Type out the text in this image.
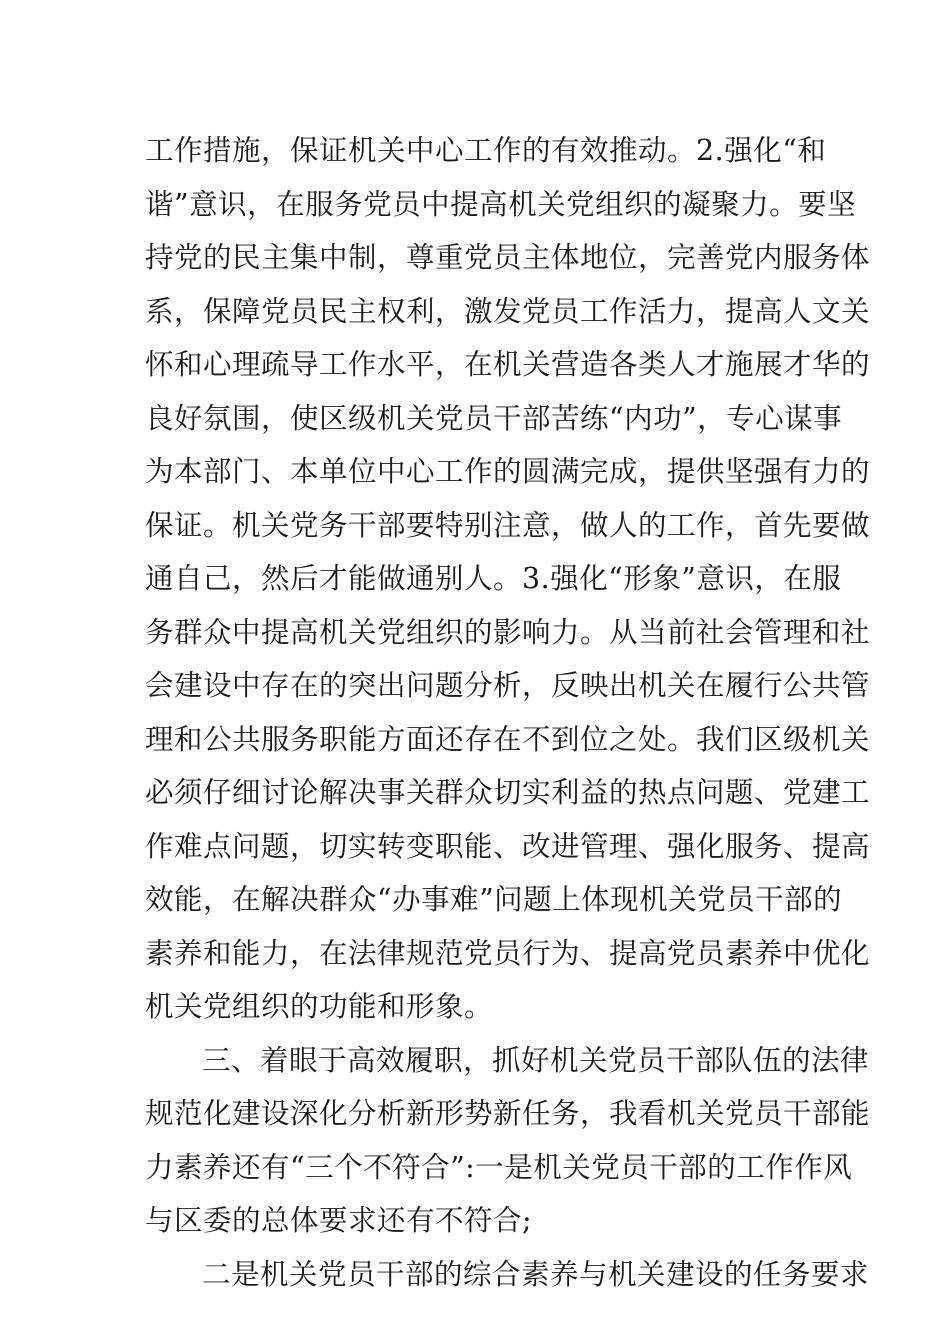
工作措施，保证机关中心工作的有效推动。2.强化“和
谐”意识，在服务党员中提高机关党组织的凝聚力。要坚
持党的民主集中制，尊重党员主体地位，完善党内服务体
系，保障党员民主权利，激发党员工作活力，提高人文关
怀和心理疏导工作水平，在机关营造各类人才施展才华的
良好氛围，使区级机关党员干部苦练“内功”，专心谋事
为本部门、本单位中心工作的圆满完成，提供坚强有力的
保证。机关党务干部要特别注意，做人的工作，首先要做
通自己，然后才能做通别人。3.强化“形象”意识，在服
务群众中提高机关党组织的影响力。从当前社会管理和社
会建设中存在的突出问题分析，反映出机关在履行公共管
理和公共服务职能方面还存在不到位之处。我们区级机关
必须仔细讨论解决事关群众切实利益的热点问题、党建工
作难点问题，切实转变职能、改进管理、强化服务、提高
效能，在解决群众“办事难”问题上体现机关党员干部的
素养和能力，在法律规范党员行为、提高党员素养中优化
机关党组织的功能和形象。
三、着眼于高效履职，抓好机关党员干部队伍的法律
规范化建设深化分析新形势新任务，我看机关党员干部能
力素养还有“三个不符合”:一是机关党员干部的工作作风
与区委的总体要求还有不符合;
二是机关党员干部的综合素养与机关建设的任务要求
